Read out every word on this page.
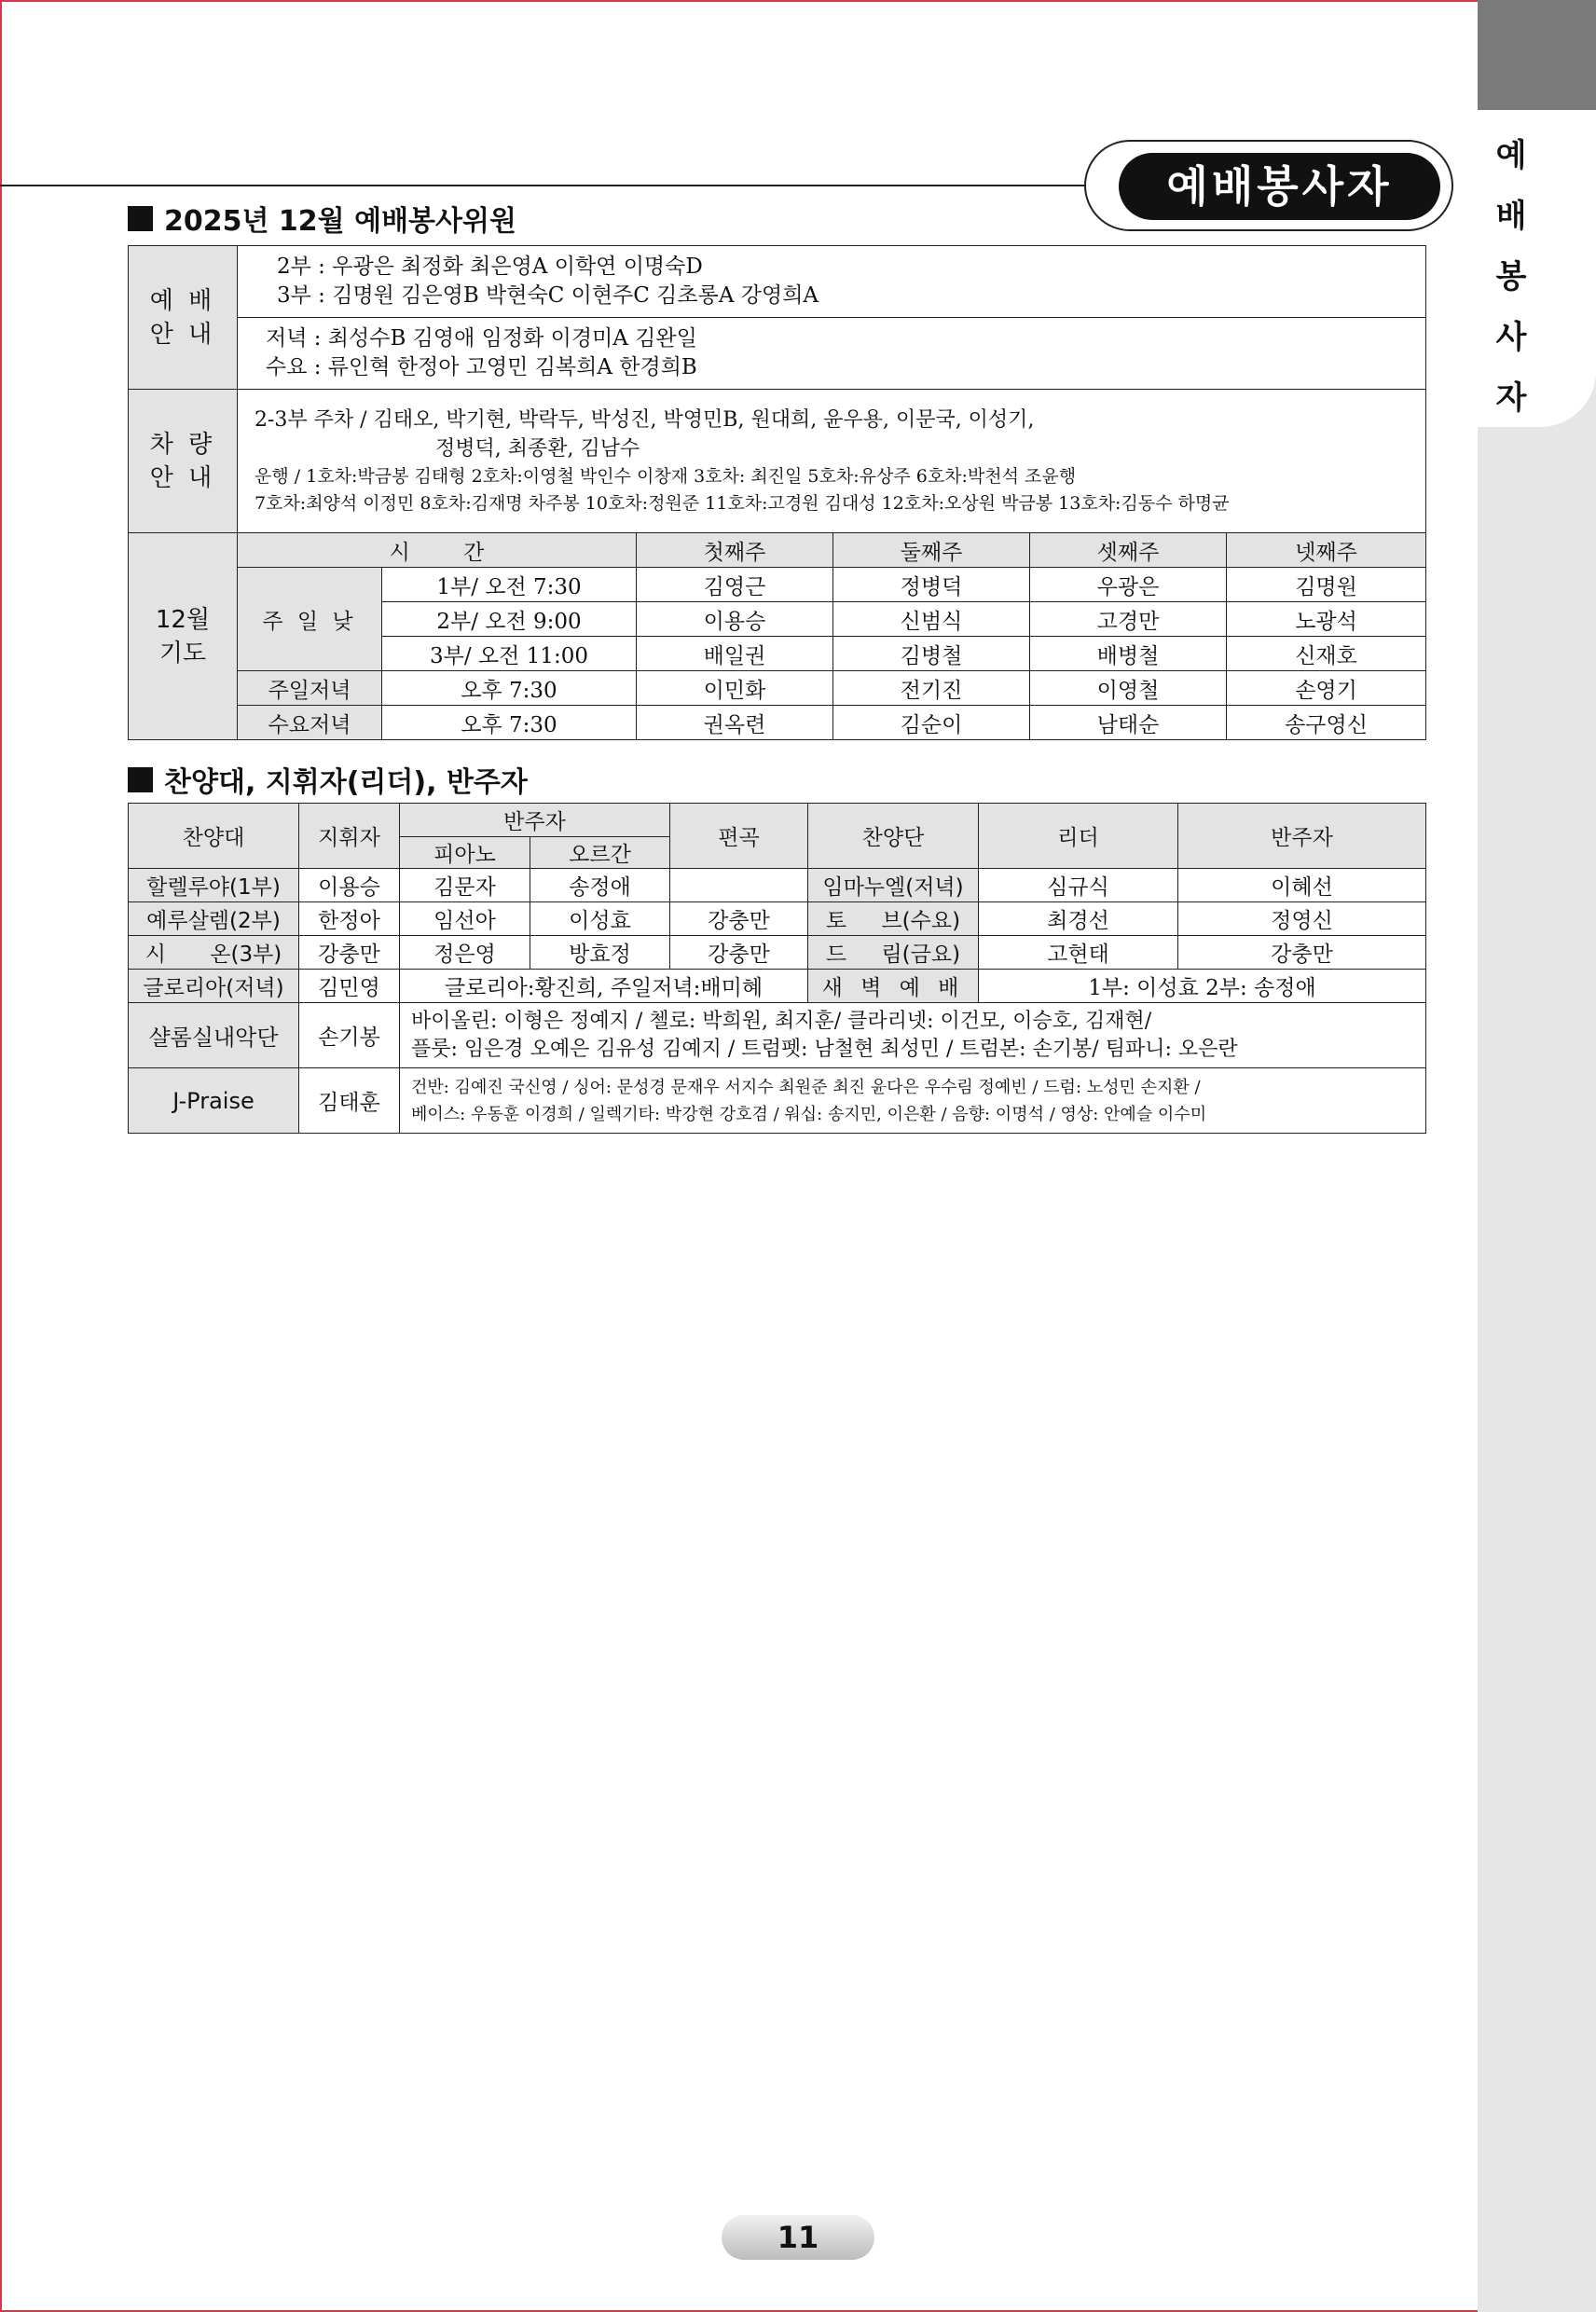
예
배
봉
사
자
예배봉사자
2025년 12월 예배봉사위원
예 배
안 내	2부 : 우광은 최정화 최은영A 이학연 이명숙D
3부 : 김명원 김은영B 박현숙C 이현주C 김초롱A 강영희A					

	저녁 : 최성수B 김영애 임정화 이경미A 김완일
수요 : 류인혁 한정아 고영민 김복희A 한경희B					

차 량
안 내	2-3부 주차 / 김태오, 박기현, 박락두, 박성진, 박영민B, 원대희, 윤우용, 이문국, 이성기,
정병덕, 최종환, 김남수
운행 / 1호차:박금봉 김태형 2호차:이영철 박인수 이창재 3호차: 최진일 5호차:유상주 6호차:박천석 조윤행
7호차:최양석 이정민 8호차:김재명 차주봉 10호차:정원준 11호차:고경원 김대성 12호차:오상원 박금봉 13호차:김동수 하명균					

12월
기도	시 간		첫째주	둘째주	셋째주	넷째주
	주 일 낮	1부/ 오전 7:30	김영근	정병덕	우광은	김명원
		2부/ 오전 9:00	이용승	신범식	고경만	노광석
		3부/ 오전 11:00	배일권	김병철	배병철	신재호
	주일저녁	오후 7:30	이민화	전기진	이영철	손영기
	수요저녁	오후 7:30	권옥련	김순이	남태순	송구영신
찬양대, 지휘자(리더), 반주자
찬양대	지휘자	반주자		편곡	찬양단	리더	반주자
		피아노	오르간				
할렐루야(1부)	이용승	김문자	송정애		임마누엘(저녁)	심규식	이혜선
예루살렘(2부)	한정아	임선아	이성효	강충만	토 브(수요)	최경선	정영신
시 온(3부)	강충만	정은영	방효정	강충만	드 림(금요)	고현태	강충만
글로리아(저녁)	김민영	글로리아:황진희, 주일저녁:배미혜			새 벽 예 배	1부: 이성효 2부: 송정애	
샬롬실내악단	손기봉	바이올린: 이형은 정예지 / 첼로: 박희원, 최지훈/ 클라리넷: 이건모, 이승호, 김재현/
플룻: 임은경 오예은 김유성 김예지 / 트럼펫: 남철현 최성민 / 트럼본: 손기봉/ 팀파니: 오은란					

J-Praise	김태훈	건반: 김예진 국신영 / 싱어: 문성경 문재우 서지수 최원준 최진 윤다은 우수림 정예빈 / 드럼: 노성민 손지환 /
베이스: 우동훈 이경희 / 일렉기타: 박강현 강호겸 / 워십: 송지민, 이은환 / 음향: 이명석 / 영상: 안예슬 이수미					
11
